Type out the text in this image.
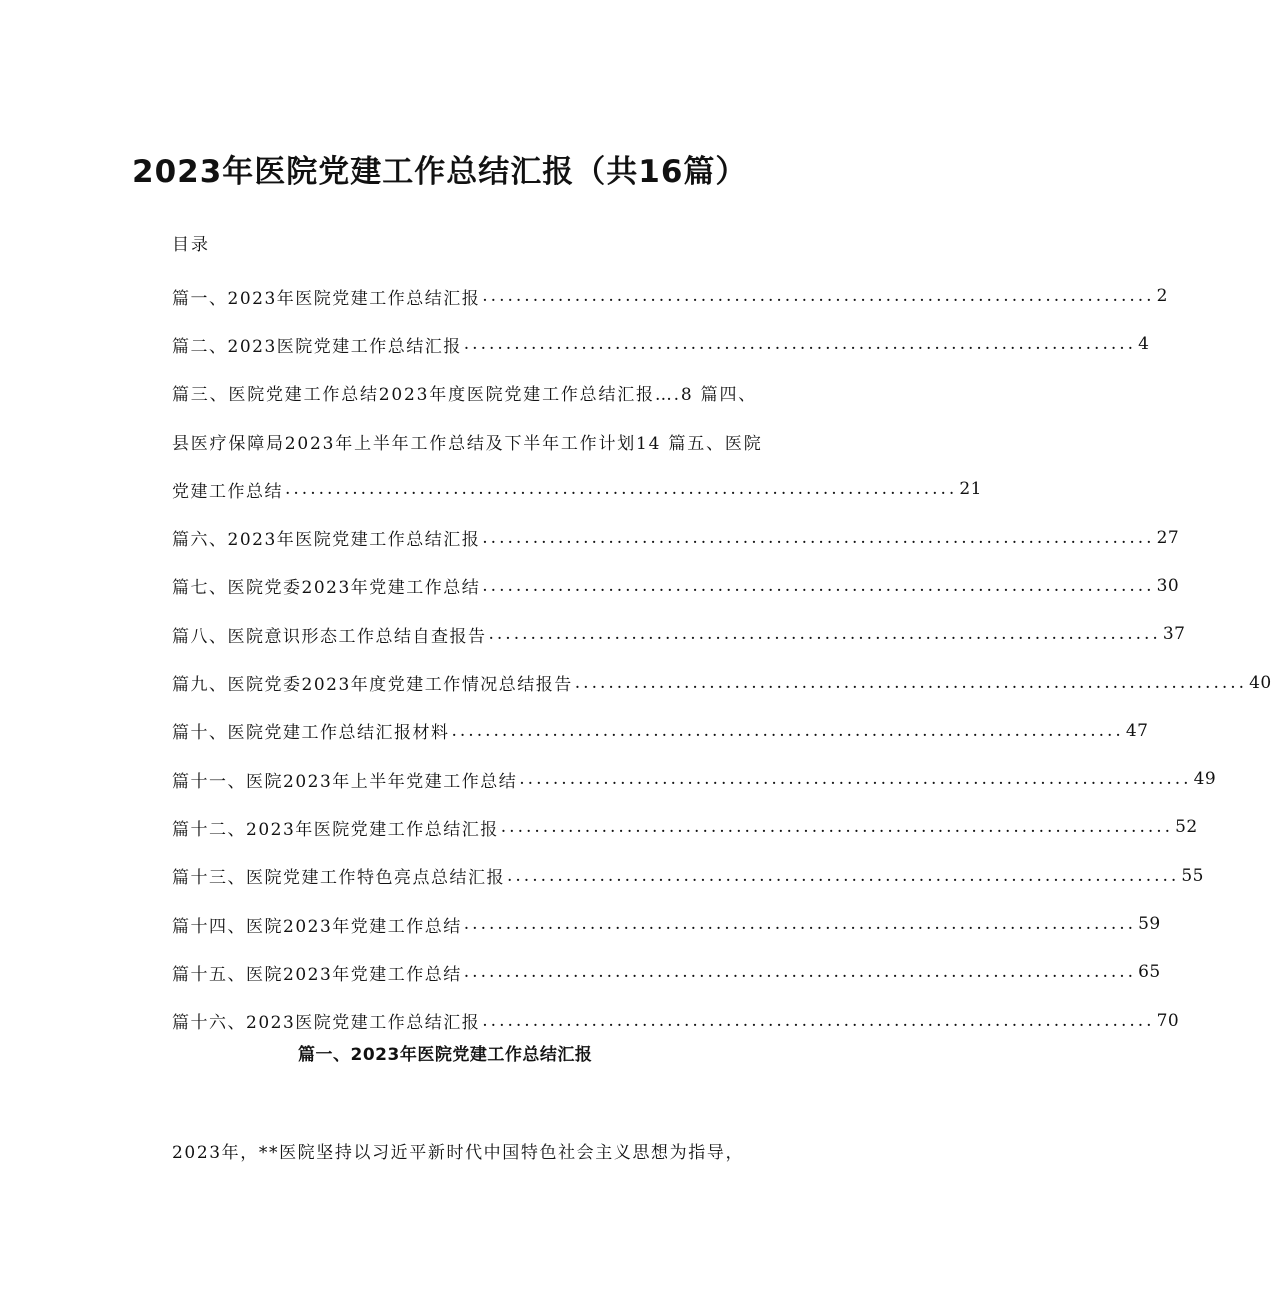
2023年医院党建工作总结汇报（共16篇）
目录
篇一、2023年医院党建工作总结汇报 ................................................................................ 2
篇二、2023医院党建工作总结汇报 ................................................................................ 4
篇三、医院党建工作总结2023年度医院党建工作总结汇报….8 篇四、
县医疗保障局2023年上半年工作总结及下半年工作计划14 篇五、医院
党建工作总结 ................................................................................ 21
篇六、2023年医院党建工作总结汇报 ................................................................................ 27
篇七、医院党委2023年党建工作总结 ................................................................................ 30
篇八、医院意识形态工作总结自查报告 ................................................................................ 37
篇九、医院党委2023年度党建工作情况总结报告 ................................................................................ 40
篇十、医院党建工作总结汇报材料 ................................................................................ 47
篇十一、医院2023年上半年党建工作总结 ................................................................................ 49
篇十二、2023年医院党建工作总结汇报 ................................................................................ 52
篇十三、医院党建工作特色亮点总结汇报 ................................................................................ 55
篇十四、医院2023年党建工作总结 ................................................................................ 59
篇十五、医院2023年党建工作总结 ................................................................................ 65
篇十六、2023医院党建工作总结汇报 ................................................................................ 70
篇一、2023年医院党建工作总结汇报
2023年，**医院坚持以习近平新时代中国特色社会主义思想为指导，
